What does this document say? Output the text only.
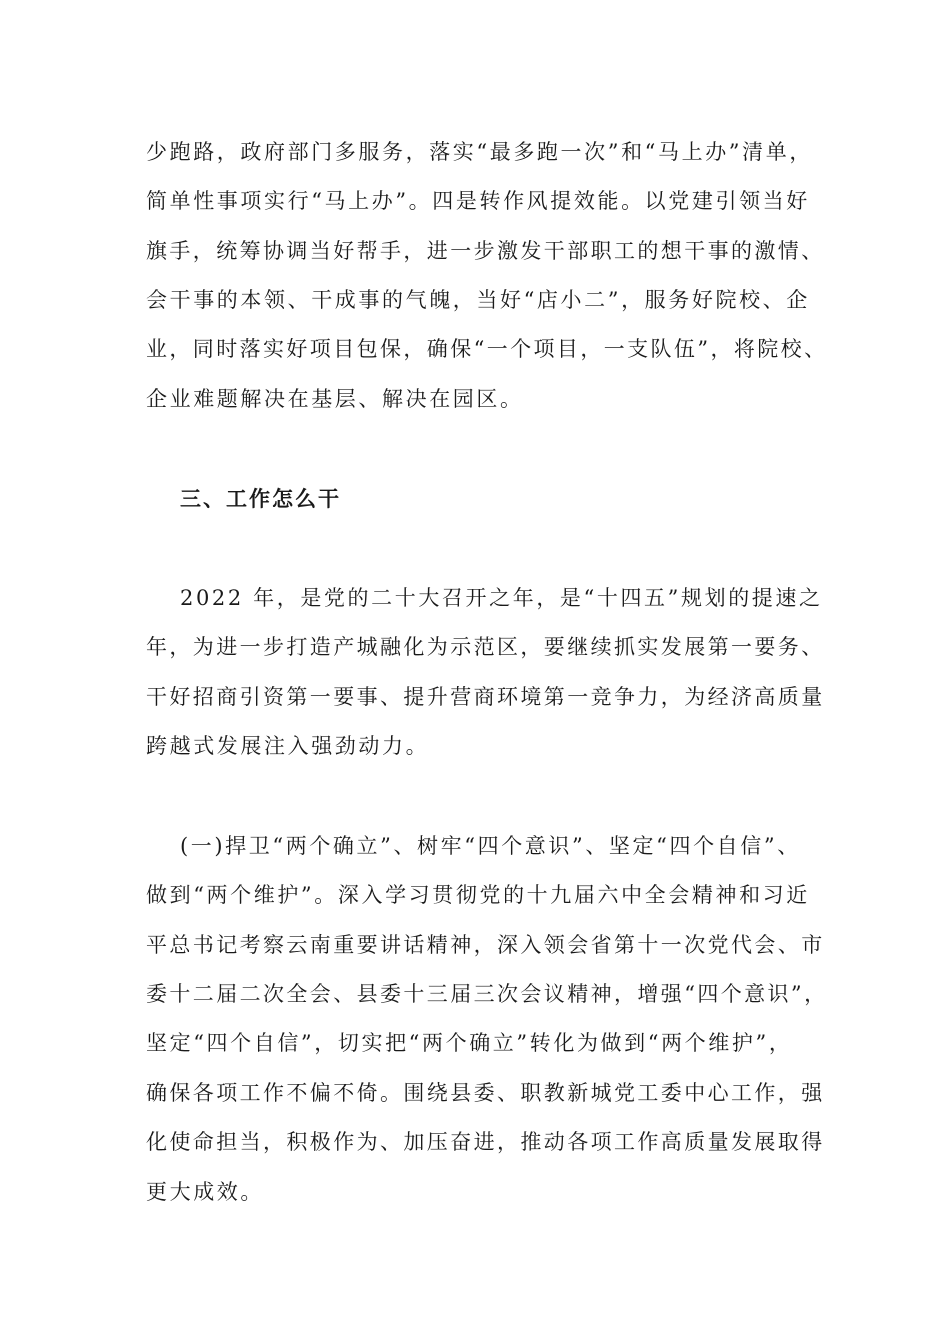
少跑路，政府部门多服务，落实“最多跑一次”和“马上办”清单，
简单性事项实行“马上办”。四是转作风提效能。以党建引领当好
旗手，统筹协调当好帮手，进一步激发干部职工的想干事的激情、
会干事的本领、干成事的气魄，当好“店小二”，服务好院校、企
业，同时落实好项目包保，确保“一个项目，一支队伍”，将院校、
企业难题解决在基层、解决在园区。
三、工作怎么干
2022 年，是党的二十大召开之年，是“十四五”规划的提速之
年，为进一步打造产城融化为示范区，要继续抓实发展第一要务、
干好招商引资第一要事、提升营商环境第一竞争力，为经济高质量
跨越式发展注入强劲动力。
(一)捍卫“两个确立”、树牢“四个意识”、坚定“四个自信”、
做到“两个维护”。深入学习贯彻党的十九届六中全会精神和习近
平总书记考察云南重要讲话精神，深入领会省第十一次党代会、市
委十二届二次全会、县委十三届三次会议精神，增强“四个意识”，
坚定“四个自信”，切实把“两个确立”转化为做到“两个维护”，
确保各项工作不偏不倚。围绕县委、职教新城党工委中心工作，强
化使命担当，积极作为、加压奋进，推动各项工作高质量发展取得
更大成效。
